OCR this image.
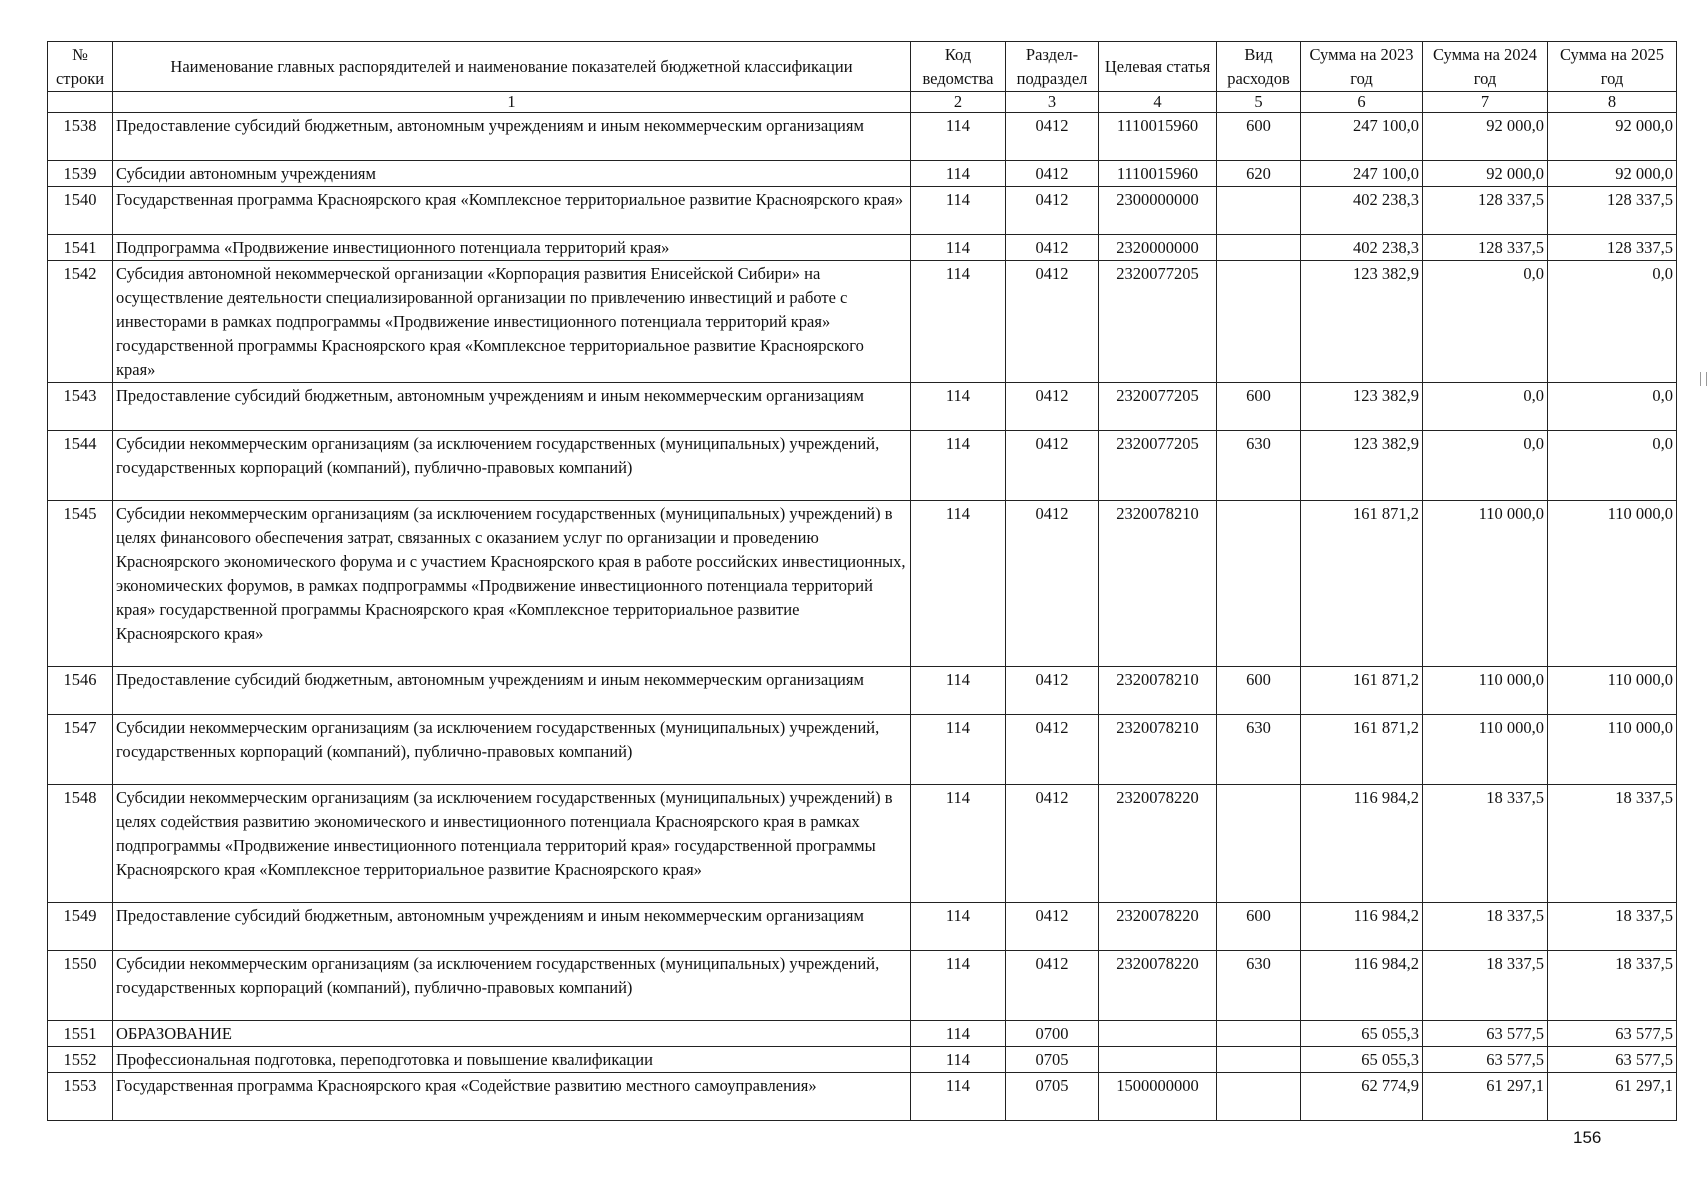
№ строки	Наименование главных распорядителей и наименование показателей бюджетной классификации	Код ведомства	Раздел-подраздел	Целевая статья	Вид расходов	Сумма на 2023 год	Сумма на 2024 год	Сумма на 2025 год
	1	2	3	4	5	6	7	8
1538	Предоставление субсидий бюджетным, автономным учреждениям и иным некоммерческим организациям	114	0412	1110015960	600	247 100,0	92 000,0	92 000,0
1539	Субсидии автономным учреждениям	114	0412	1110015960	620	247 100,0	92 000,0	92 000,0
1540	Государственная программа Красноярского края «Комплексное территориальное развитие Красноярского края»	114	0412	2300000000		402 238,3	128 337,5	128 337,5
1541	Подпрограмма «Продвижение инвестиционного потенциала территорий края»	114	0412	2320000000		402 238,3	128 337,5	128 337,5
1542	Субсидия автономной некоммерческой организации «Корпорация развития Енисейской Сибири» на осуществление деятельности специализированной организации по привлечению инвестиций и работе с инвесторами в рамках подпрограммы «Продвижение инвестиционного потенциала территорий края» государственной программы Красноярского края «Комплексное территориальное развитие Красноярского края»	114	0412	2320077205		123 382,9	0,0	0,0
1543	Предоставление субсидий бюджетным, автономным учреждениям и иным некоммерческим организациям	114	0412	2320077205	600	123 382,9	0,0	0,0
1544	Субсидии некоммерческим организациям (за исключением государственных (муниципальных) учреждений, государственных корпораций (компаний), публично-правовых компаний)	114	0412	2320077205	630	123 382,9	0,0	0,0
1545	Субсидии некоммерческим организациям (за исключением государственных (муниципальных) учреждений) в целях финансового обеспечения затрат, связанных с оказанием услуг по организации и проведению Красноярского экономического форума и с участием Красноярского края в работе российских инвестиционных, экономических форумов, в рамках подпрограммы «Продвижение инвестиционного потенциала территорий края» государственной программы Красноярского края «Комплексное территориальное развитие Красноярского края»	114	0412	2320078210		161 871,2	110 000,0	110 000,0
1546	Предоставление субсидий бюджетным, автономным учреждениям и иным некоммерческим организациям	114	0412	2320078210	600	161 871,2	110 000,0	110 000,0
1547	Субсидии некоммерческим организациям (за исключением государственных (муниципальных) учреждений, государственных корпораций (компаний), публично-правовых компаний)	114	0412	2320078210	630	161 871,2	110 000,0	110 000,0
1548	Субсидии некоммерческим организациям (за исключением государственных (муниципальных) учреждений) в целях содействия развитию экономического и инвестиционного потенциала Красноярского края в рамках подпрограммы «Продвижение инвестиционного потенциала территорий края» государственной программы Красноярского края «Комплексное территориальное развитие Красноярского края»	114	0412	2320078220		116 984,2	18 337,5	18 337,5
1549	Предоставление субсидий бюджетным, автономным учреждениям и иным некоммерческим организациям	114	0412	2320078220	600	116 984,2	18 337,5	18 337,5
1550	Субсидии некоммерческим организациям (за исключением государственных (муниципальных) учреждений, государственных корпораций (компаний), публично-правовых компаний)	114	0412	2320078220	630	116 984,2	18 337,5	18 337,5
1551	ОБРАЗОВАНИЕ	114	0700			65 055,3	63 577,5	63 577,5
1552	Профессиональная подготовка, переподготовка и повышение квалификации	114	0705			65 055,3	63 577,5	63 577,5
1553	Государственная программа Красноярского края «Содействие развитию местного самоуправления»	114	0705	1500000000		62 774,9	61 297,1	61 297,1
156
